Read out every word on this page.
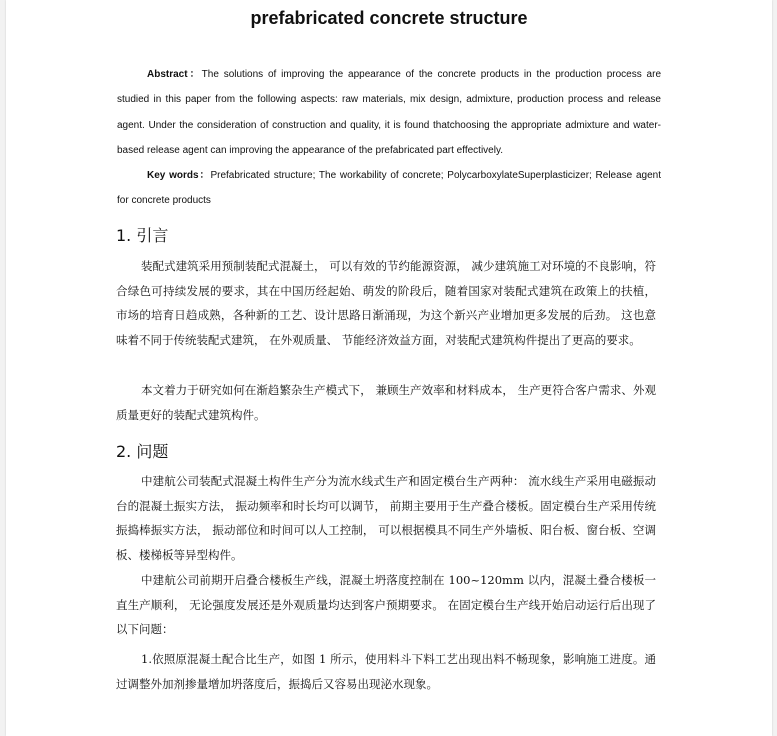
prefabricated concrete structure
   Abstract：The solutions of improving the appearance of the concrete products in the production process are studied in this paper from the following aspects: raw materials, mix design, admixture, production process and release agent. Under the consideration of construction and quality, it is found thatchoosing the appropriate admixture and water-based release agent can improving the appearance of the prefabricated part effectively.
   Key words：Prefabricated structure; The workability of concrete; PolycarboxylateSuperplasticizer; Release agent for concrete products
1. 引言
装配式建筑采用预制装配式混凝土， 可以有效的节约能源资源， 减少建筑施工对环境的不良影响，符合绿色可持续发展的要求，其在中国历经起始、萌发的阶段后，随着国家对装配式建筑在政策上的扶植，市场的培育日趋成熟，各种新的工艺、设计思路日渐涌现，为这个新兴产业增加更多发展的后劲。 这也意味着不同于传统装配式建筑， 在外观质量、 节能经济效益方面，对装配式建筑构件提出了更高的要求。
本文着力于研究如何在渐趋繁杂生产模式下， 兼顾生产效率和材料成本， 生产更符合客户需求、外观质量更好的装配式建筑构件。
2. 问题
中建航公司装配式混凝土构件生产分为流水线式生产和固定模台生产两种： 流水线生产采用电磁振动台的混凝土振实方法， 振动频率和时长均可以调节， 前期主要用于生产叠合楼板。固定模台生产采用传统振捣棒振实方法， 振动部位和时间可以人工控制， 可以根据模具不同生产外墙板、阳台板、窗台板、空调板、楼梯板等异型构件。
中建航公司前期开启叠合楼板生产线，混凝土坍落度控制在 100~120mm 以内，混凝土叠合楼板一直生产顺利， 无论强度发展还是外观质量均达到客户预期要求。 在固定模台生产线开始启动运行后出现了以下问题：
1.依照原混凝土配合比生产，如图 1 所示，使用料斗下料工艺出现出料不畅现象，影响施工进度。通过调整外加剂掺量增加坍落度后，振捣后又容易出现泌水现象。
